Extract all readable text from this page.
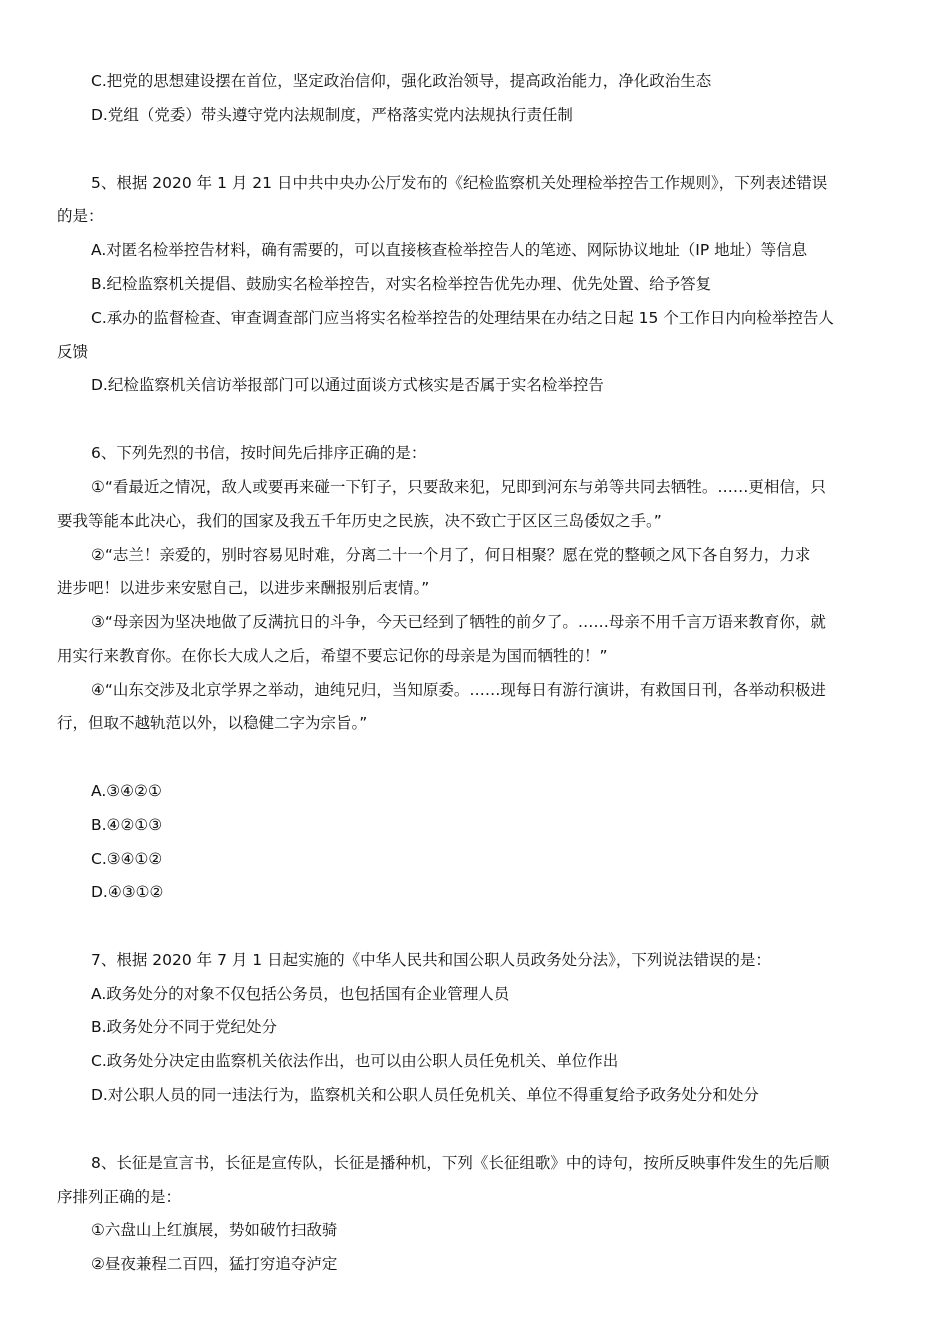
C.把党的思想建设摆在首位，坚定政治信仰，强化政治领导，提高政治能力，净化政治生态
D.党组（党委）带头遵守党内法规制度，严格落实党内法规执行责任制
5、根据 2020 年 1 月 21 日中共中央办公厅发布的《纪检监察机关处理检举控告工作规则》，下列表述错误
的是：
A.对匿名检举控告材料，确有需要的，可以直接核查检举控告人的笔迹、网际协议地址（IP 地址）等信息
B.纪检监察机关提倡、鼓励实名检举控告，对实名检举控告优先办理、优先处置、给予答复
C.承办的监督检查、审查调查部门应当将实名检举控告的处理结果在办结之日起 15 个工作日内向检举控告人
反馈
D.纪检监察机关信访举报部门可以通过面谈方式核实是否属于实名检举控告
6、下列先烈的书信，按时间先后排序正确的是：
①“看最近之情况，敌人或要再来碰一下钉子，只要敌来犯，兄即到河东与弟等共同去牺牲。……更相信，只
要我等能本此决心，我们的国家及我五千年历史之民族，决不致亡于区区三岛倭奴之手。”
②“志兰！亲爱的，别时容易见时难，分离二十一个月了，何日相聚？愿在党的整顿之风下各自努力，力求
进步吧！以进步来安慰自己，以进步来酬报别后衷情。”
③“母亲因为坚决地做了反满抗日的斗争，今天已经到了牺牲的前夕了。……母亲不用千言万语来教育你，就
用实行来教育你。在你长大成人之后，希望不要忘记你的母亲是为国而牺牲的！”
④“山东交涉及北京学界之举动，迪纯兄归，当知原委。……现每日有游行演讲，有救国日刊，各举动积极进
行，但取不越轨范以外，以稳健二字为宗旨。”
A.③④②①
B.④②①③
C.③④①②
D.④③①②
7、根据 2020 年 7 月 1 日起实施的《中华人民共和国公职人员政务处分法》，下列说法错误的是：
A.政务处分的对象不仅包括公务员，也包括国有企业管理人员
B.政务处分不同于党纪处分
C.政务处分决定由监察机关依法作出，也可以由公职人员任免机关、单位作出
D.对公职人员的同一违法行为，监察机关和公职人员任免机关、单位不得重复给予政务处分和处分
8、长征是宣言书，长征是宣传队，长征是播种机，下列《长征组歌》中的诗句，按所反映事件发生的先后顺
序排列正确的是：
①六盘山上红旗展，势如破竹扫敌骑
②昼夜兼程二百四，猛打穷追夺泸定
